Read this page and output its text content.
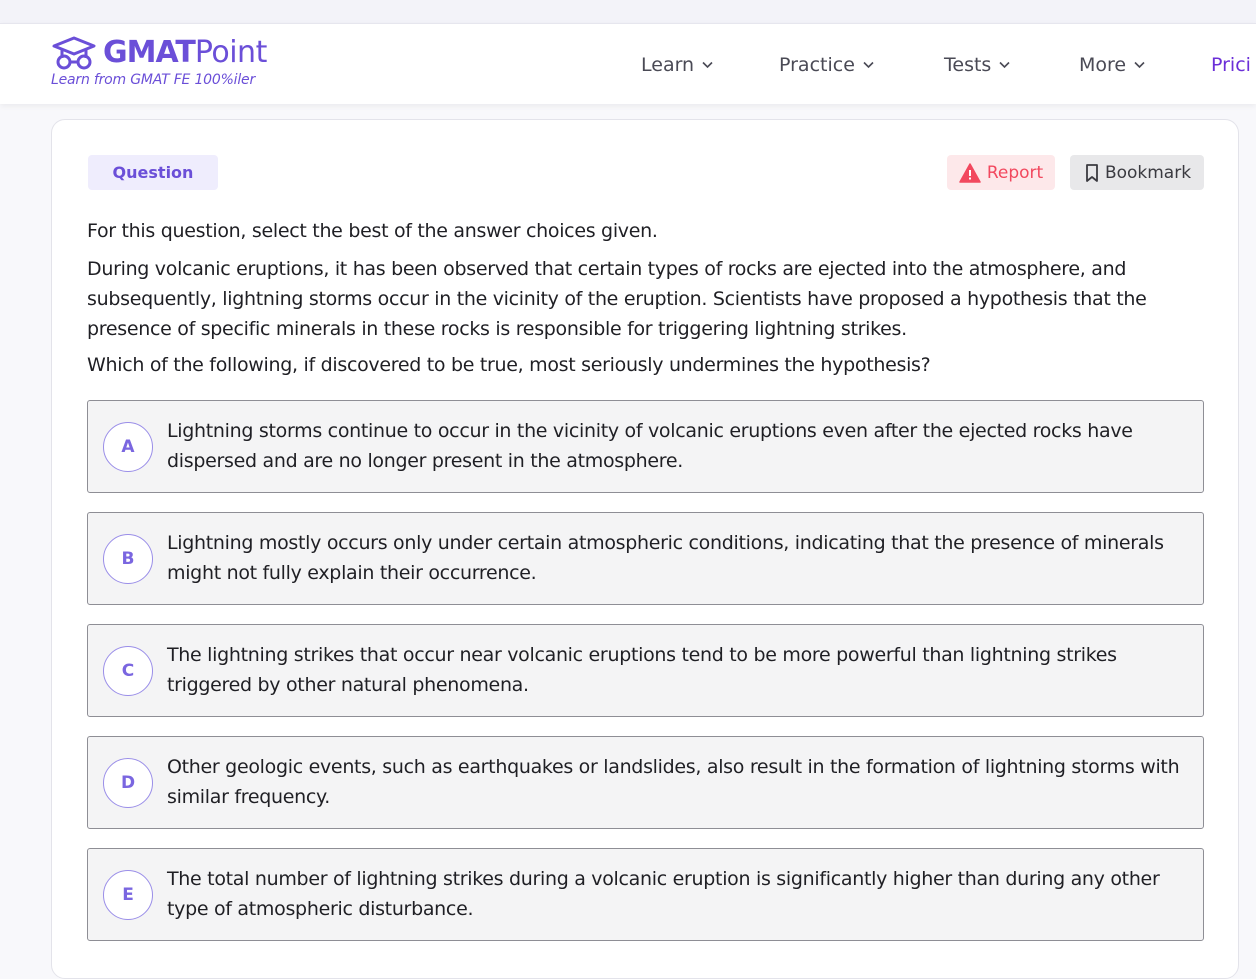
GMAT Point
Learn from GMAT FE 100%iler
Learn	Practice	Tests	More	Prici
Question	Report	Bookmark
For this question, select the best of the answer choices given.
During volcanic eruptions, it has been observed that certain types of rocks are ejected into the atmosphere, and subsequently, lightning storms occur in the vicinity of the eruption. Scientists have proposed a hypothesis that the presence of specific minerals in these rocks is responsible for triggering lightning strikes.
Which of the following, if discovered to be true, most seriously undermines the hypothesis?
A
Lightning storms continue to occur in the vicinity of volcanic eruptions even after the ejected rocks have dispersed and are no longer present in the atmosphere.
B
Lightning mostly occurs only under certain atmospheric conditions, indicating that the presence of minerals might not fully explain their occurrence.
C
The lightning strikes that occur near volcanic eruptions tend to be more powerful than lightning strikes triggered by other natural phenomena.
D
Other geologic events, such as earthquakes or landslides, also result in the formation of lightning storms with similar frequency.
E
The total number of lightning strikes during a volcanic eruption is significantly higher than during any other type of atmospheric disturbance.
